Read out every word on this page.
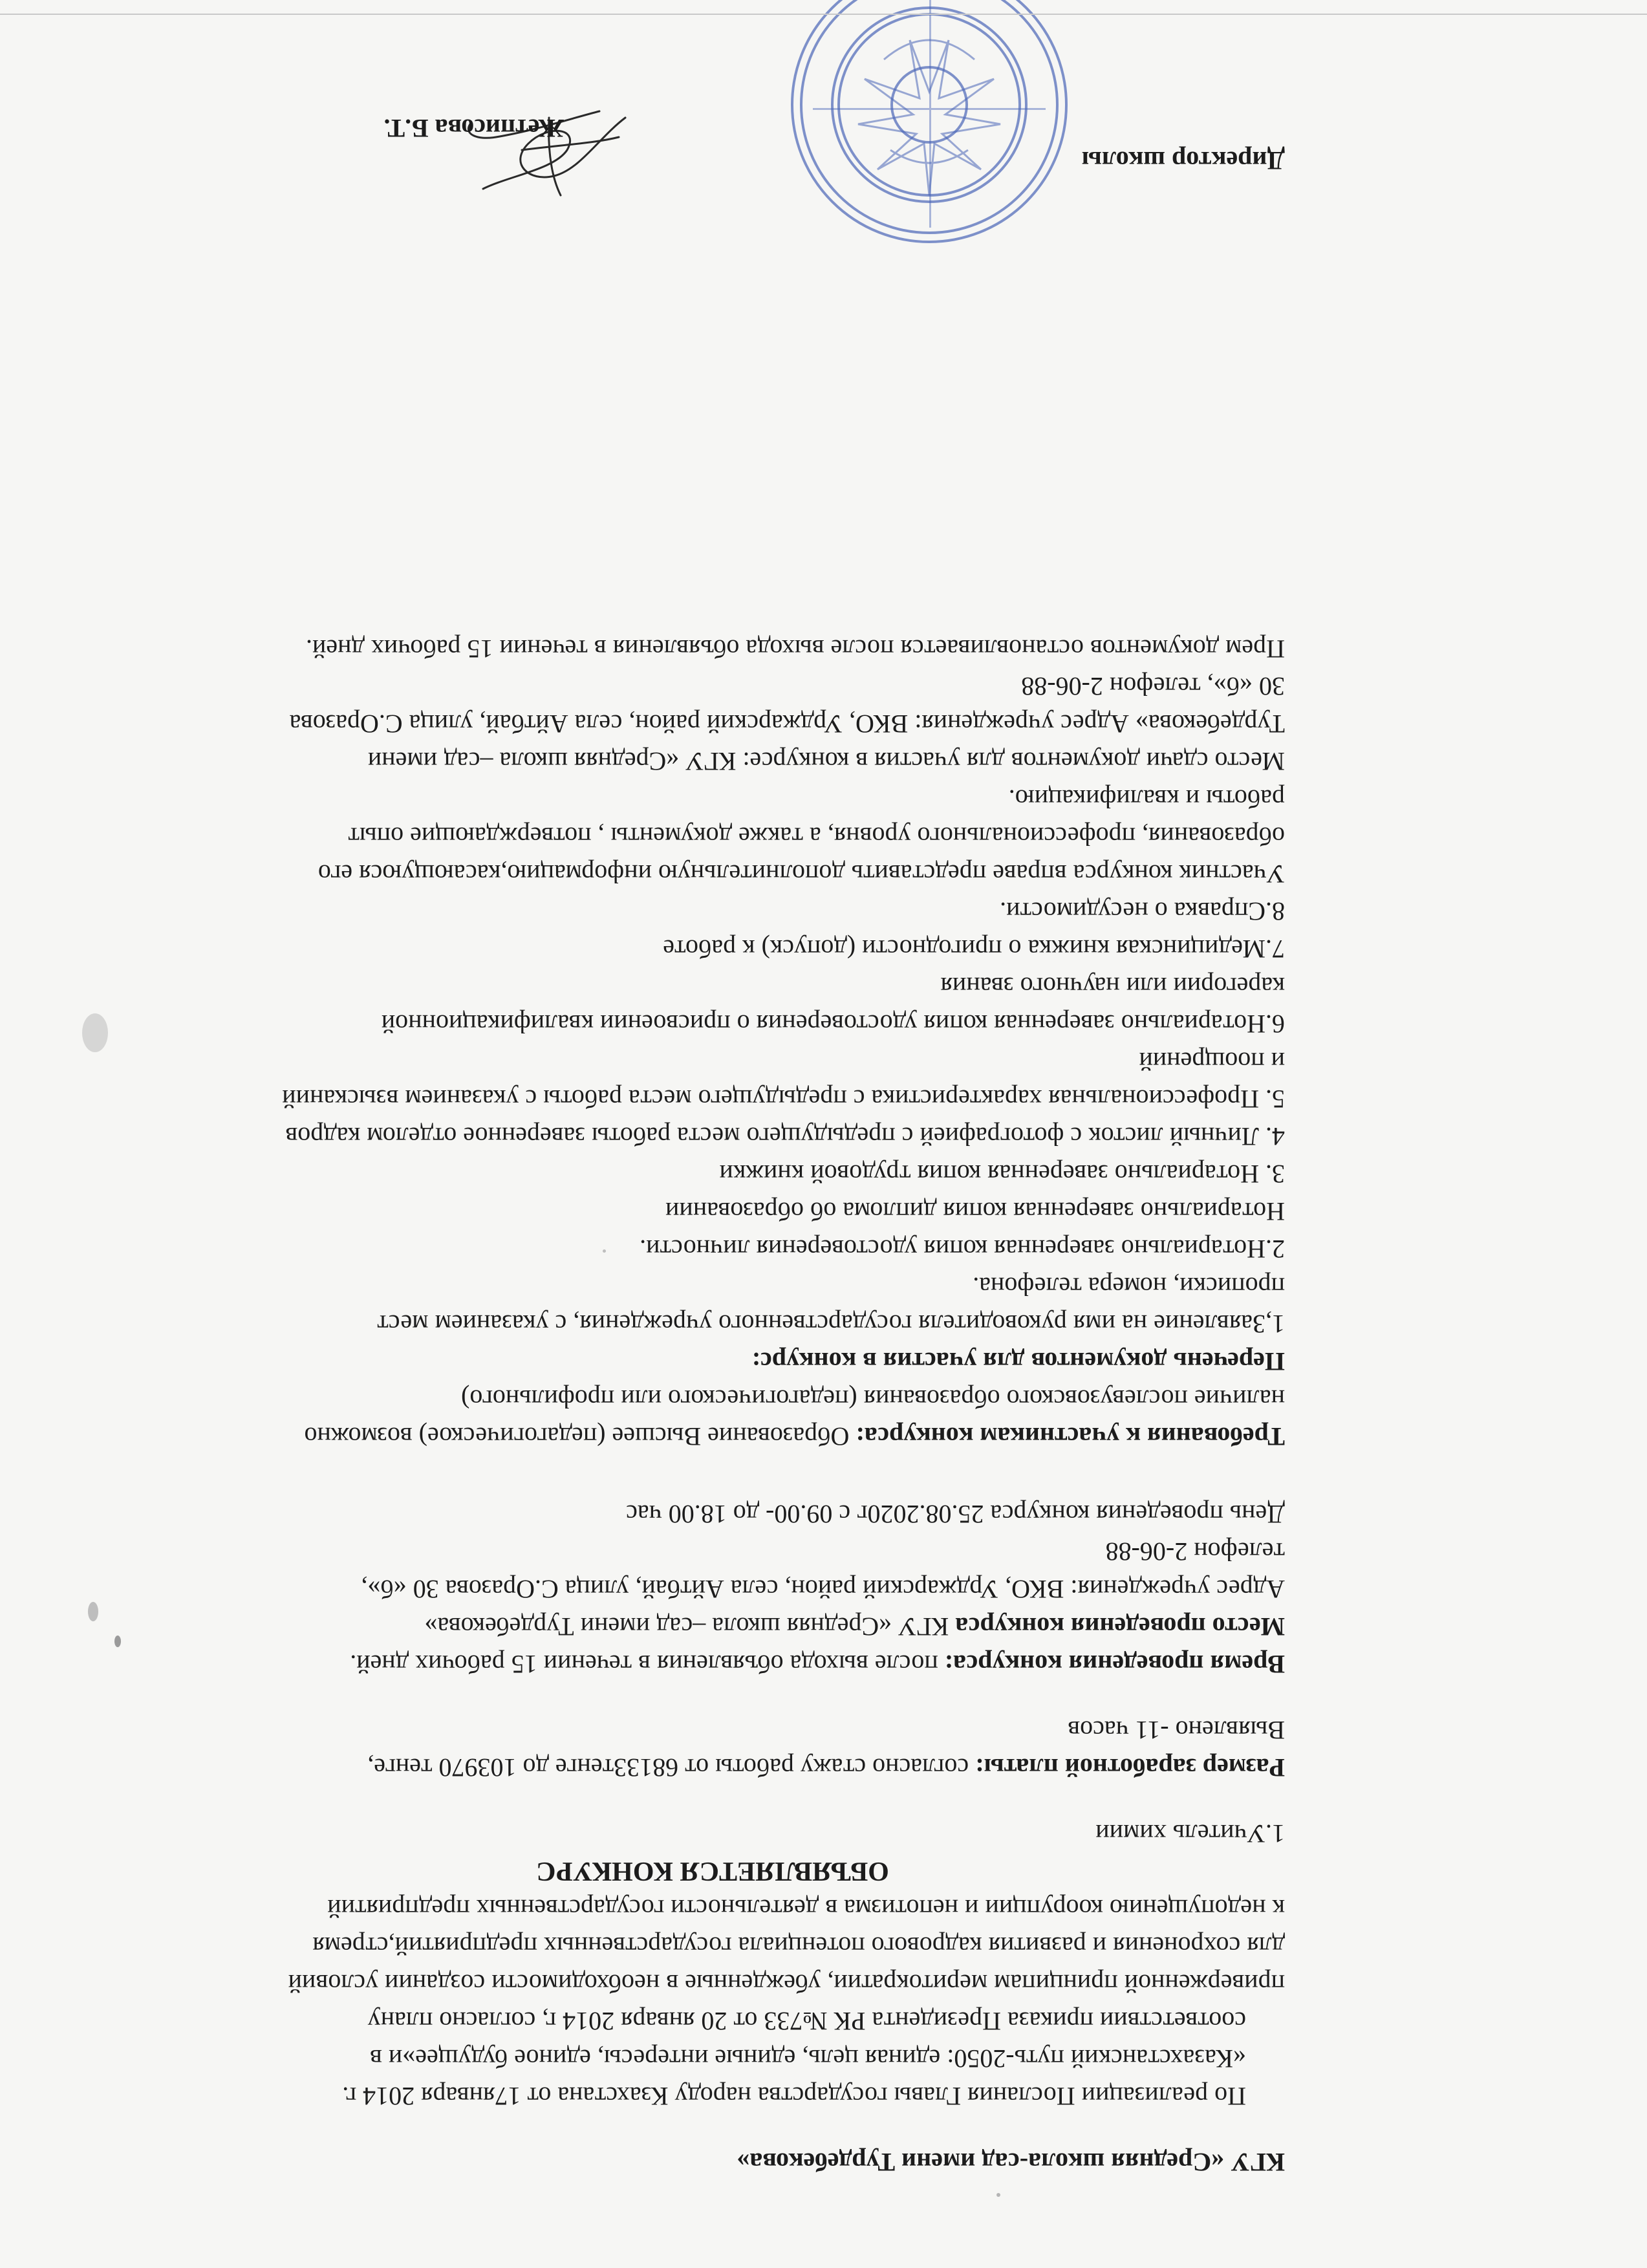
КГУ «Средняя школа-сад имени Турдебекова»
По реализации Послания Главы государства народу Кзахстана от 17января 2014 г.
«Казахстанский путь-2050: единая цель, единые интересы, единое будущее»и в
соответствии приказа Президента РК №733 от 20 января 2014 г, согласно плану
приверженной принципам меритократии, убежденные в необходимости создании условий
для сохронения и развития кадрового потенциала государственных предприятий,стремя
к недопущению коорупции и непотизма в деятельности государственных предприятий
ОБЪЯВЛЯЕТСЯ КОНКУРС
1.Учитель химии
Размер заработной платы: согласно стажу работы от 68133тенге до 103970 тенге,
Выявлено -11 часов
Время проведения конкурса: после выхода объявления в течении 15 рабочих дней.
Место проведения конкурса КГУ «Средняя школа –сад имени Турдебекова»
Адрес учреждения: ВКО, Урджарский район, села Айтбай, улица С.Оразова 30 «б»,
телефон 2-06-88
День проведения конкурса 25.08.2020г с 09.00- до 18.00 час
Требования к участникам конкурса: Образование Высшее (педагогическое) возможно
наличие послевузовского образования (педагогического или профильного)
Перечень документов для участия в конкурс:
1,Заявление на имя руководителя государственного учреждения, с указанием мест
прописки, номера телефона.
2.Нотариально заверенная копия удостоверения личности.
Нотариально заверенная копия диплома об образовании
3. Нотариально заверенная копия трудовой книжки
4. Личный листок с фотографией с предыдущего места работы заверенное отделом кадров
5. Профессиональная характеристика с предыдущего места работы с указанием взысканий
и поощрений
6.Нотариально заверенная копия удостоверения о присвоении квалификационной
карегории или научного звания
7.Медицинская книжка о пригодности (допуск) к работе
8.Справка о несудимости.
Участник конкурса вправе представить дополнительную информацию,касающуюся его
образования, профессионального уровня, а также документы , потверждающие опыт
работы и квалификацию.
Место сдачи документов для участия в конкурсе: КГУ «Средняя школа –сад имени
Турдебекова» Адрес учреждения: ВКО, Урджарский район, села Айтбай, улица С.Оразова
30 «б», телефон 2-06-88
Прем документов остановливается после выхода объявления в течении 15 рабочих дней.
Директор школы
Жетписова Б.Т.
